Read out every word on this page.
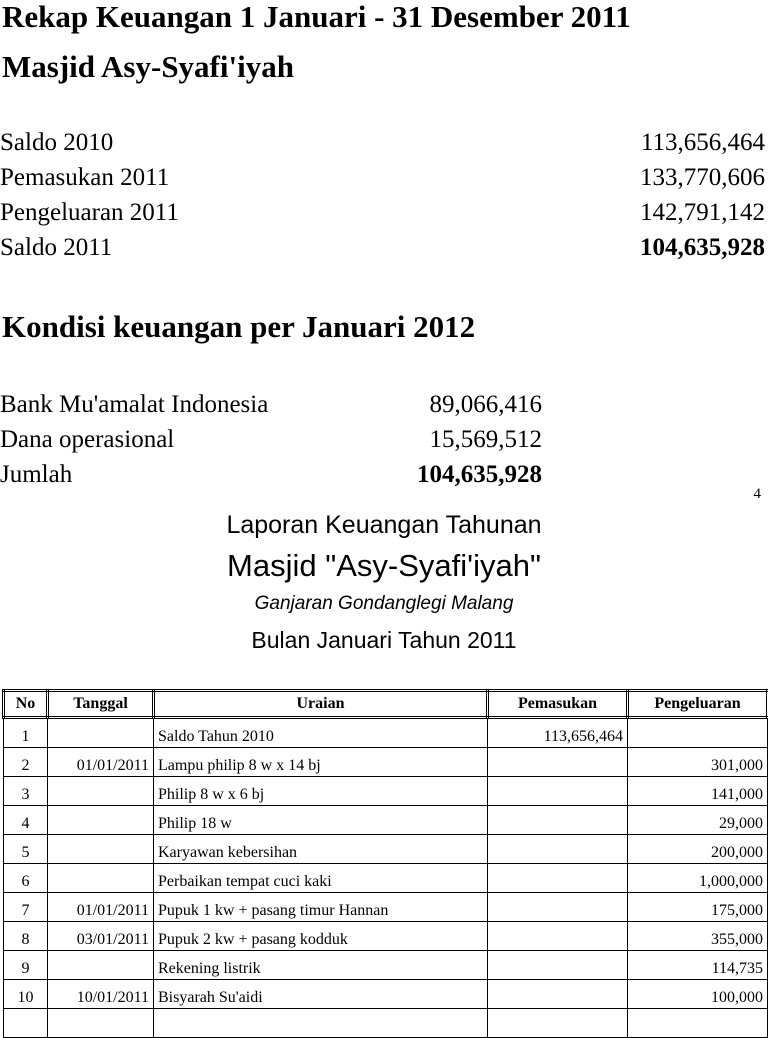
Rekap Keuangan 1 Januari - 31 Desember 2011
Masjid Asy-Syafi'iyah
Saldo 2010	113,656,464
Pemasukan 2011	133,770,606
Pengeluaran 2011	142,791,142
Saldo 2011	104,635,928
Kondisi keuangan per Januari 2012
Bank Mu'amalat Indonesia	89,066,416
Dana operasional	15,569,512
Jumlah	104,635,928
4
Laporan Keuangan Tahunan
Masjid "Asy-Syafi'iyah"
Ganjaran Gondanglegi Malang
Bulan Januari Tahun 2011
No	Tanggal	Uraian	Pemasukan	Pengeluaran
1		Saldo Tahun 2010	113,656,464	
2	01/01/2011	Lampu philip 8 w x 14 bj		301,000
3		Philip 8 w x 6 bj		141,000
4		Philip 18 w		29,000
5		Karyawan kebersihan		200,000
6		Perbaikan tempat cuci kaki		1,000,000
7	01/01/2011	Pupuk 1 kw + pasang timur Hannan		175,000
8	03/01/2011	Pupuk 2 kw + pasang kodduk		355,000
9		Rekening listrik		114,735
10	10/01/2011	Bisyarah Su'aidi		100,000
